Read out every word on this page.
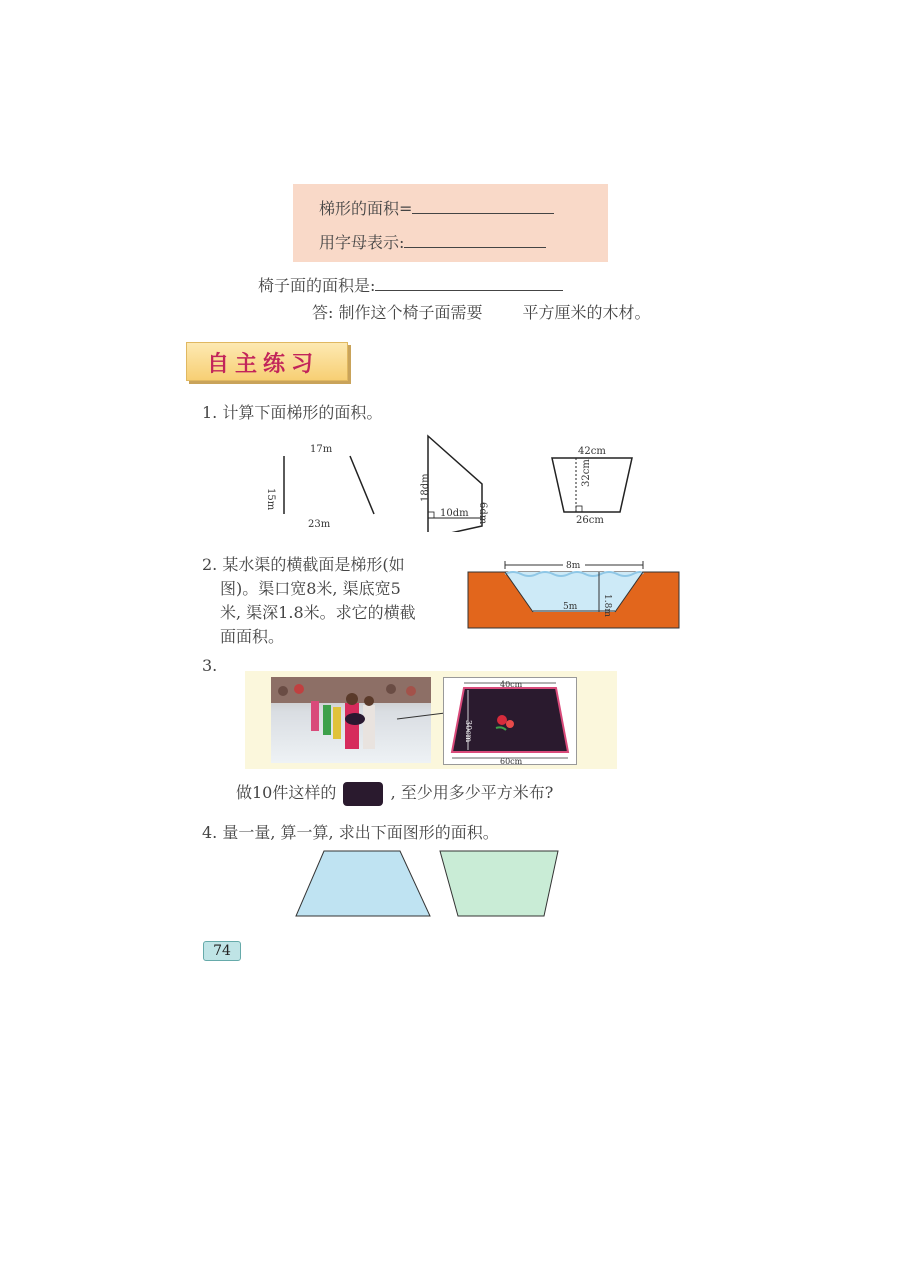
梯形的面积=
用字母表示:
椅子面的面积是:
答: 制作这个椅子面需要	平方厘米的木材。
自主练习
1. 计算下面梯形的面积。
17m
15m
23m
18dm
6dm
10dm
42cm
32cm
26cm
2. 某水渠的横截面是梯形(如
图)。渠口宽8米, 渠底宽5
米, 渠深1.8米。求它的横截
面面积。
8m
5m	1.8m
3.
40cm
30cm
60cm
做10件这样的	, 至少用多少平方米布?
4. 量一量, 算一算, 求出下面图形的面积。
74
